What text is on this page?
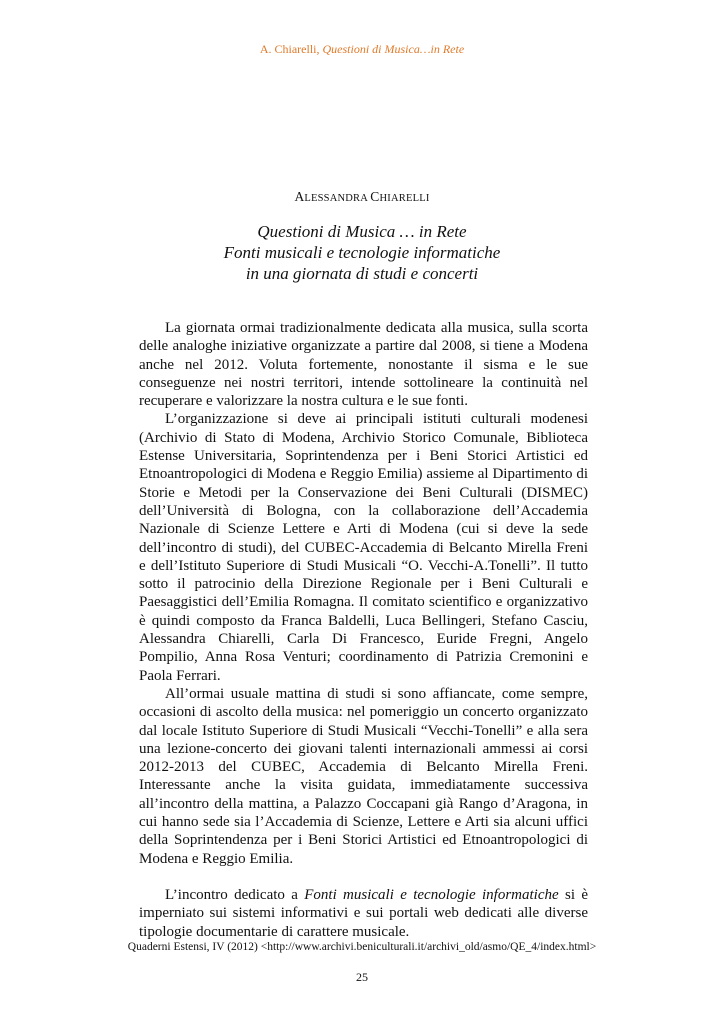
A. Chiarelli, Questioni di Musica…in Rete
ALESSANDRA CHIARELLI
Questioni di Musica … in Rete
Fonti musicali e tecnologie informatiche
in una giornata di studi e concerti

La giornata ormai tradizionalmente dedicata alla musica, sulla scorta delle analoghe iniziative organizzate a partire dal 2008, si tiene a Modena anche nel 2012. Voluta fortemente, nonostante il sisma e le sue conseguenze nei nostri territori, intende sottolineare la continuità nel recuperare e valorizzare la nostra cultura e le sue fonti.

L’organizzazione si deve ai principali istituti culturali modenesi (Archivio di Stato di Modena, Archivio Storico Comunale, Biblioteca Estense Universitaria, Soprintendenza per i Beni Storici Artistici ed Etnoantropologici di Modena e Reggio Emilia) assieme al Dipartimento di Storie e Metodi per la Conservazione dei Beni Culturali (DISMEC) dell’Università di Bologna, con la collaborazione dell’Accademia Nazionale di Scienze Lettere e Arti di Modena (cui si deve la sede dell’incontro di studi), del CUBEC-Accademia di Belcanto Mirella Freni e dell’Istituto Superiore di Studi Musicali “O. Vecchi-A.Tonelli”. Il tutto sotto il patrocinio della Direzione Regionale per i Beni Culturali e Paesaggistici dell’Emilia Romagna. Il comitato scientifico e organizzativo è quindi composto da Franca Baldelli, Luca Bellingeri, Stefano Casciu, Alessandra Chiarelli, Carla Di Francesco, Euride Fregni, Angelo Pompilio, Anna Rosa Venturi; coordinamento di Patrizia Cremonini e Paola Ferrari.

All’ormai usuale mattina di studi si sono affiancate, come sempre, occasioni di ascolto della musica: nel pomeriggio un concerto organizzato dal locale Istituto Superiore di Studi Musicali “Vecchi-Tonelli” e alla sera una lezione-concerto dei giovani talenti internazionali ammessi ai corsi 2012-2013 del CUBEC, Accademia di Belcanto Mirella Freni. Interessante anche la visita guidata, immediatamente successiva all’incontro della mattina, a Palazzo Coccapani già Rango d’Aragona, in cui hanno sede sia l’Accademia di Scienze, Lettere e Arti sia alcuni uffici della Soprintendenza per i Beni Storici Artistici ed Etnoantropologici di Modena e Reggio Emilia.

L’incontro dedicato a Fonti musicali e tecnologie informatiche si è imperniato sui sistemi informativi e sui portali web dedicati alle diverse tipologie documentarie di carattere musicale.

Quaderni Estensi, IV (2012) <http://www.archivi.beniculturali.it/archivi_old/asmo/QE_4/index.html>
25
